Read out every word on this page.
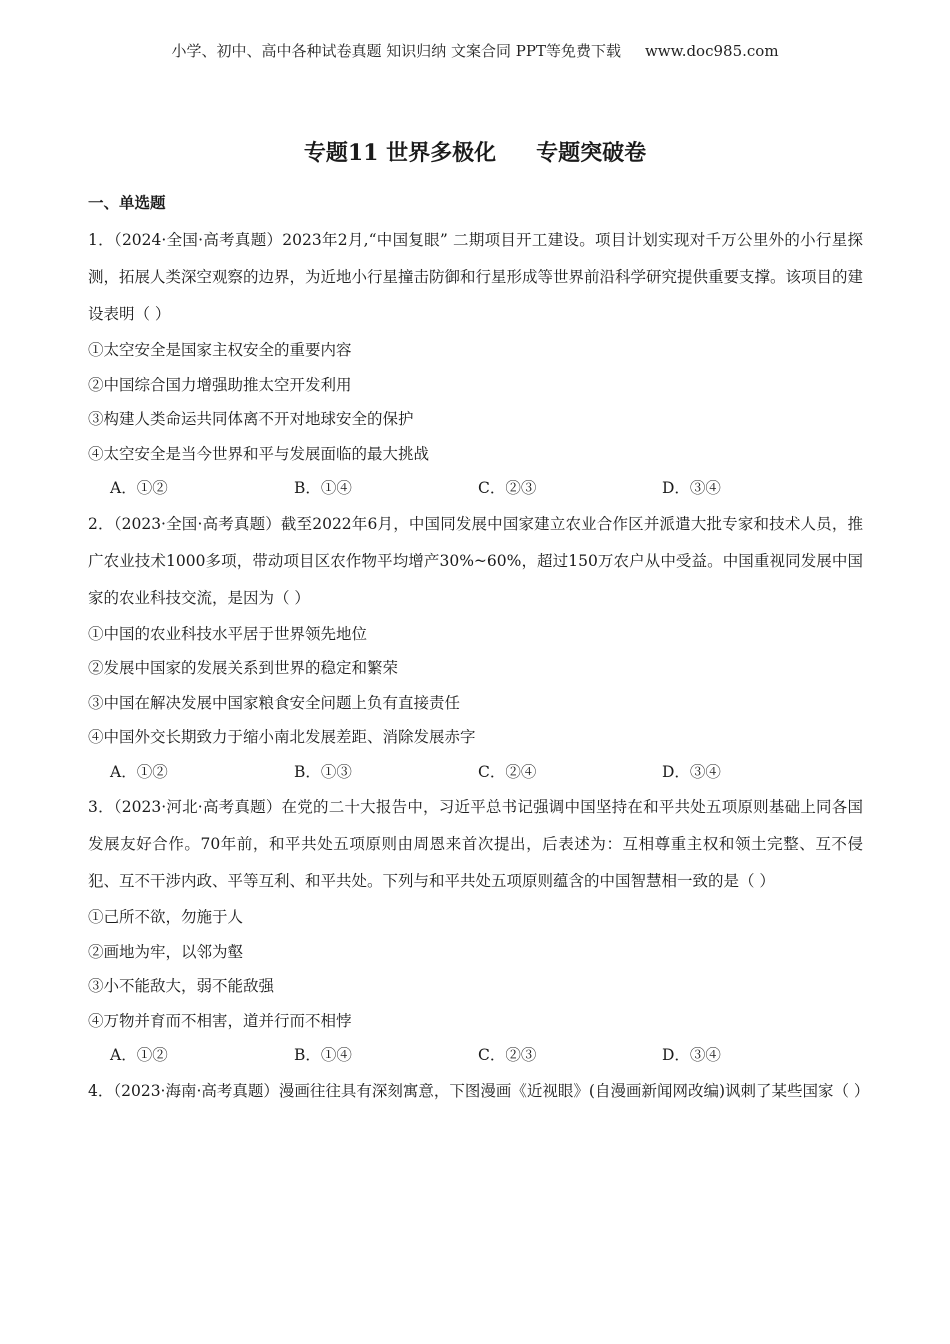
小学、初中、高中各种试卷真题 知识归纳 文案合同 PPT等免费下载 www.doc985.com
专题11 世界多极化 专题突破卷
一、单选题

1．（2024·全国·高考真题）2023年2月,“中国复眼” 二期项目开工建设。项目计划实现对千万公里外的小行星探测，拓展人类深空观察的边界，为近地小行星撞击防御和行星形成等世界前沿科学研究提供重要支撑。该项目的建设表明（ ）

①太空安全是国家主权安全的重要内容

②中国综合国力增强助推太空开发利用

③构建人类命运共同体离不开对地球安全的保护

④太空安全是当今世界和平与发展面临的最大挑战

A．①②	B．①④	C．②③	D．③④

2．（2023·全国·高考真题）截至2022年6月，中国同发展中国家建立农业合作区并派遣大批专家和技术人员，推广农业技术1000多项，带动项目区农作物平均增产30%~60%，超过150万农户从中受益。中国重视同发展中国家的农业科技交流，是因为（ ）

①中国的农业科技水平居于世界领先地位

②发展中国家的发展关系到世界的稳定和繁荣

③中国在解决发展中国家粮食安全问题上负有直接责任

④中国外交长期致力于缩小南北发展差距、消除发展赤字

A．①②	B．①③	C．②④	D．③④

3．（2023·河北·高考真题）在党的二十大报告中，习近平总书记强调中国坚持在和平共处五项原则基础上同各国发展友好合作。70年前，和平共处五项原则由周恩来首次提出，后表述为：互相尊重主权和领土完整、互不侵犯、互不干涉内政、平等互利、和平共处。下列与和平共处五项原则蕴含的中国智慧相一致的是（ ）

①己所不欲，勿施于人

②画地为牢，以邻为壑

③小不能敌大，弱不能敌强

④万物并育而不相害，道并行而不相悖

A．①②	B．①④	C．②③	D．③④

4．（2023·海南·高考真题）漫画往往具有深刻寓意，下图漫画《近视眼》(自漫画新闻网改编)讽刺了某些国家（ ）
